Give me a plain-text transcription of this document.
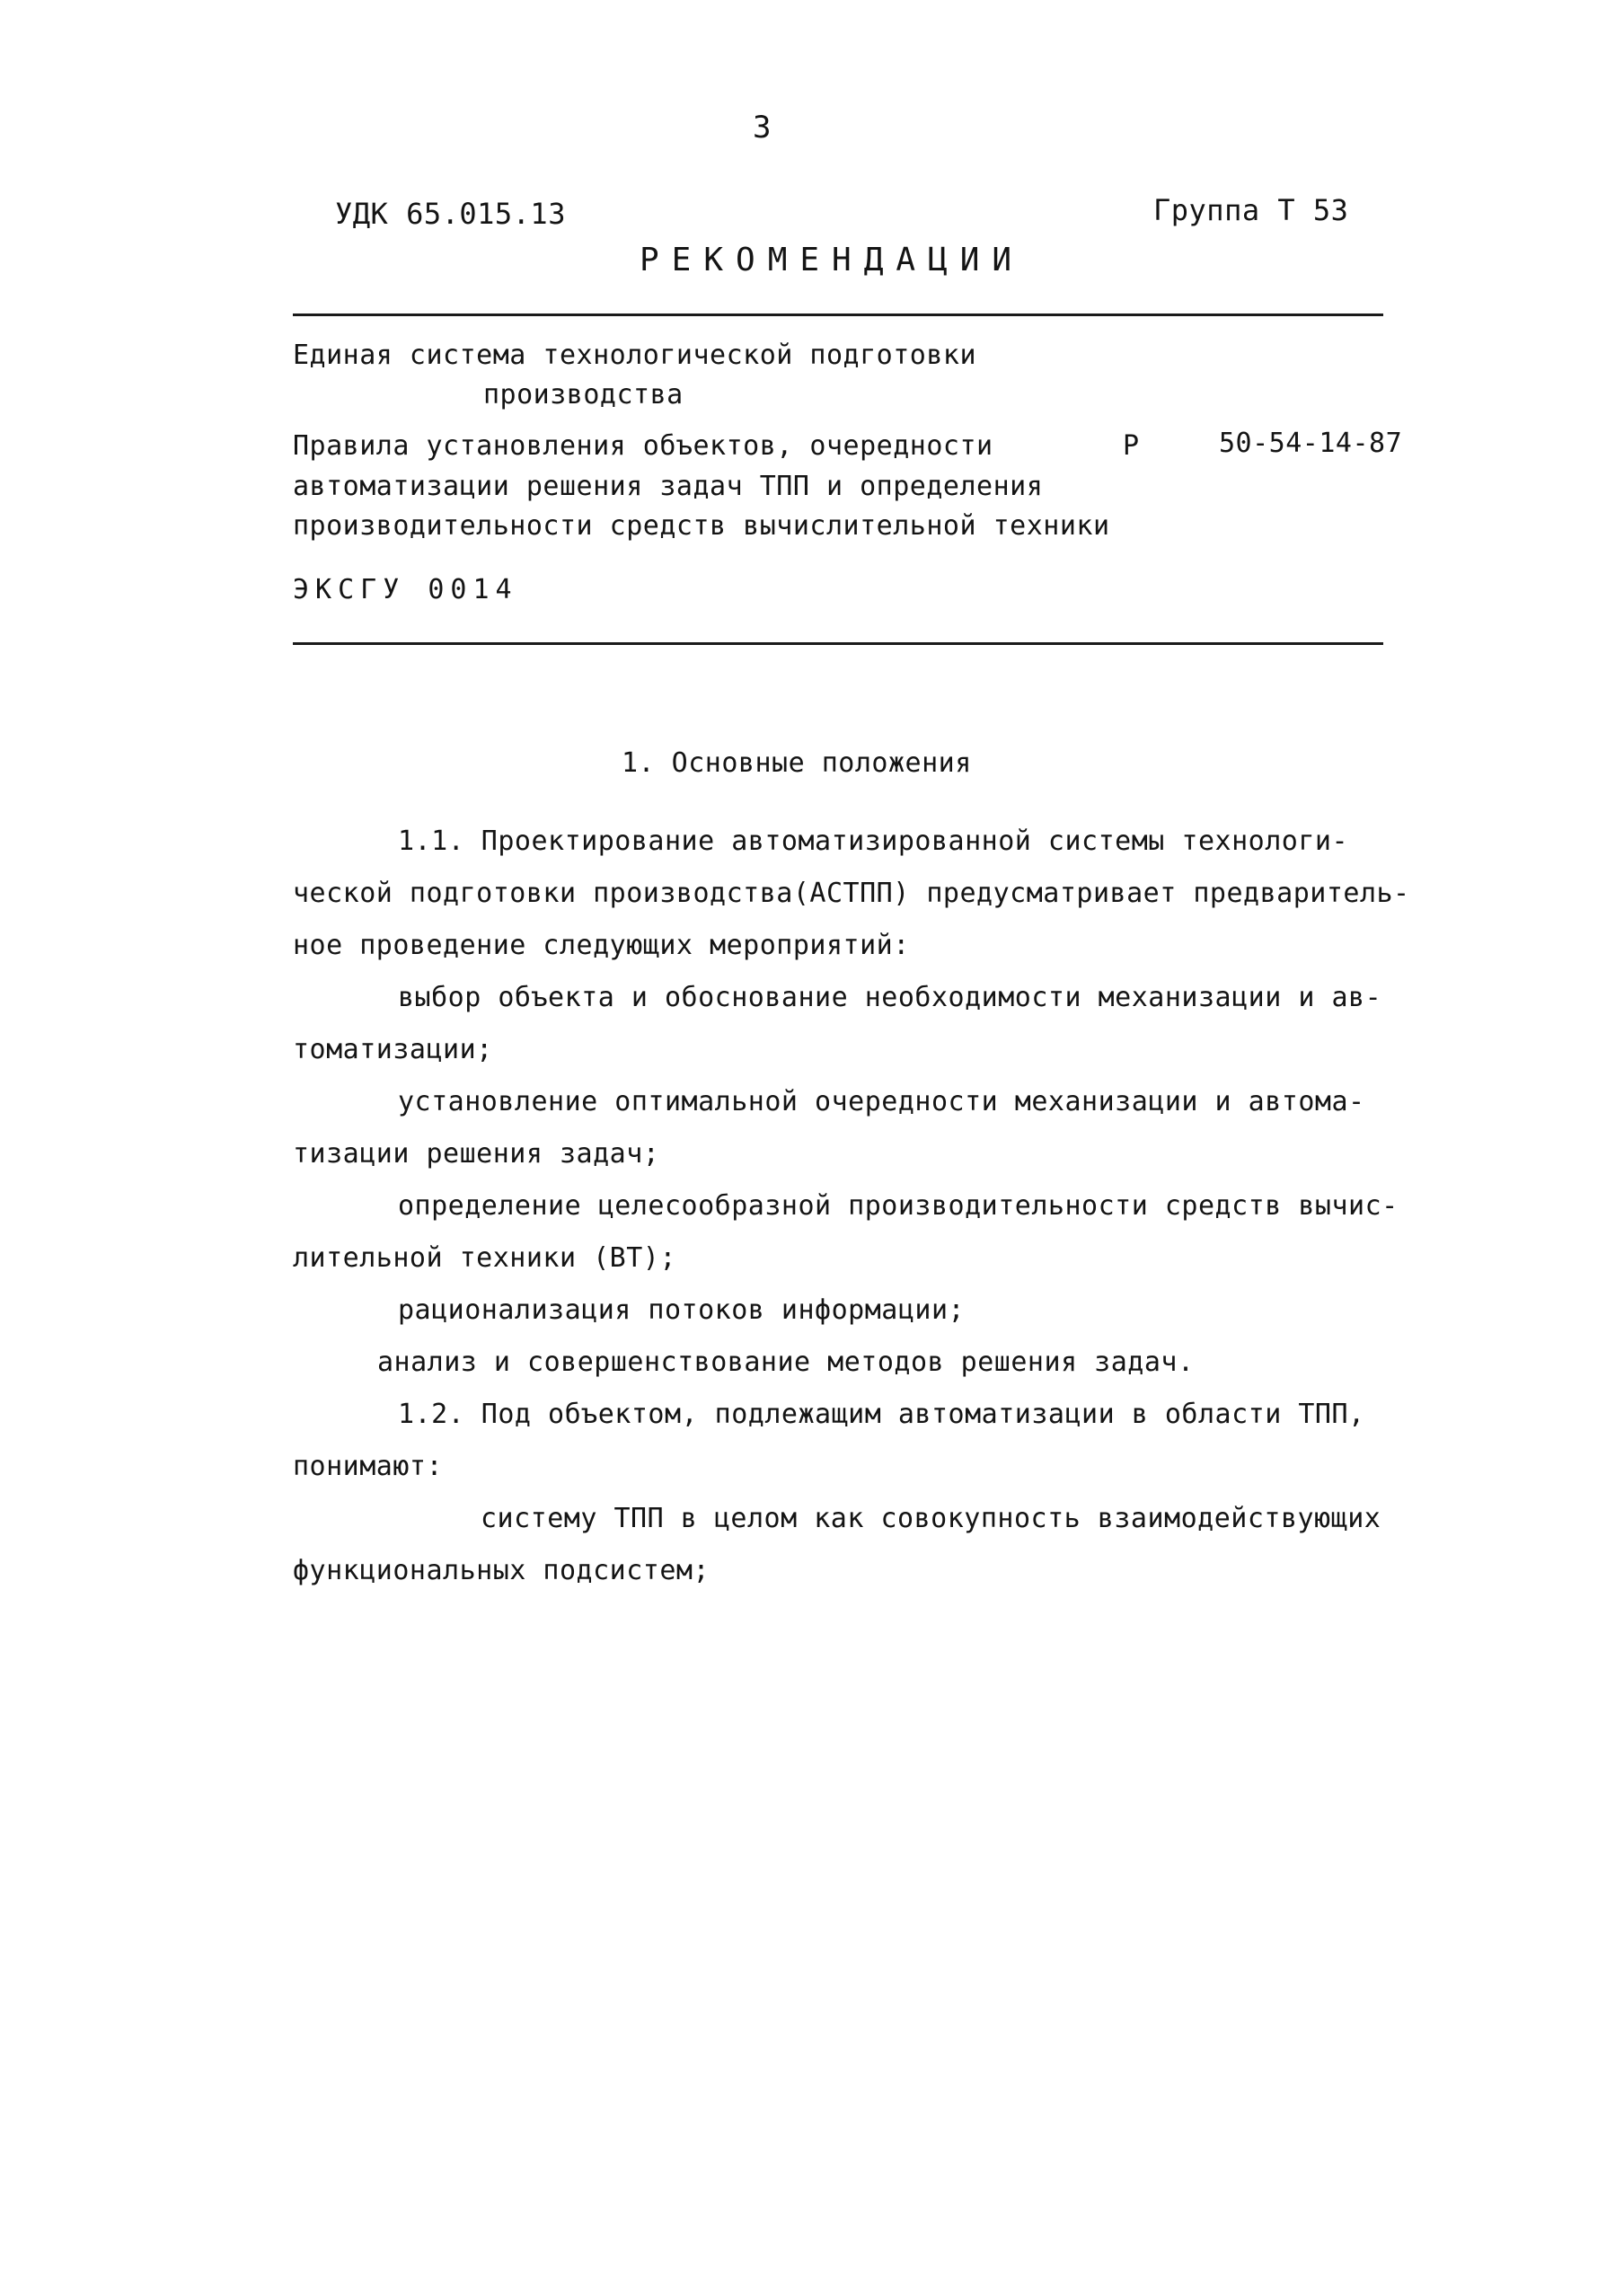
3
УДК 65.015.13	Группа Т 53
РЕКОМЕНДАЦИИ
Единая система технологической подготовки
производства
Правила установления объектов, очередности
автоматизации решения задач ТПП и определения
производительности средств вычислительной техники
Р	50-54-14-87
ЭКСГУ 0014
1. Основные положения
1.1. Проектирование автоматизированной системы технологи-
ческой подготовки производства(АСТПП) предусматривает предваритель-
ное проведение следующих мероприятий:
выбор объекта и обоснование необходимости механизации и ав-
томатизации;
установление оптимальной очередности механизации и автома-
тизации решения задач;
определение целесообразной производительности средств вычис-
лительной техники (ВТ);
рационализация потоков информации;
анализ и совершенствование методов решения задач.
1.2. Под объектом, подлежащим автоматизации в области ТПП,
понимают:
систему ТПП в целом как совокупность взаимодействующих
функциональных подсистем;
